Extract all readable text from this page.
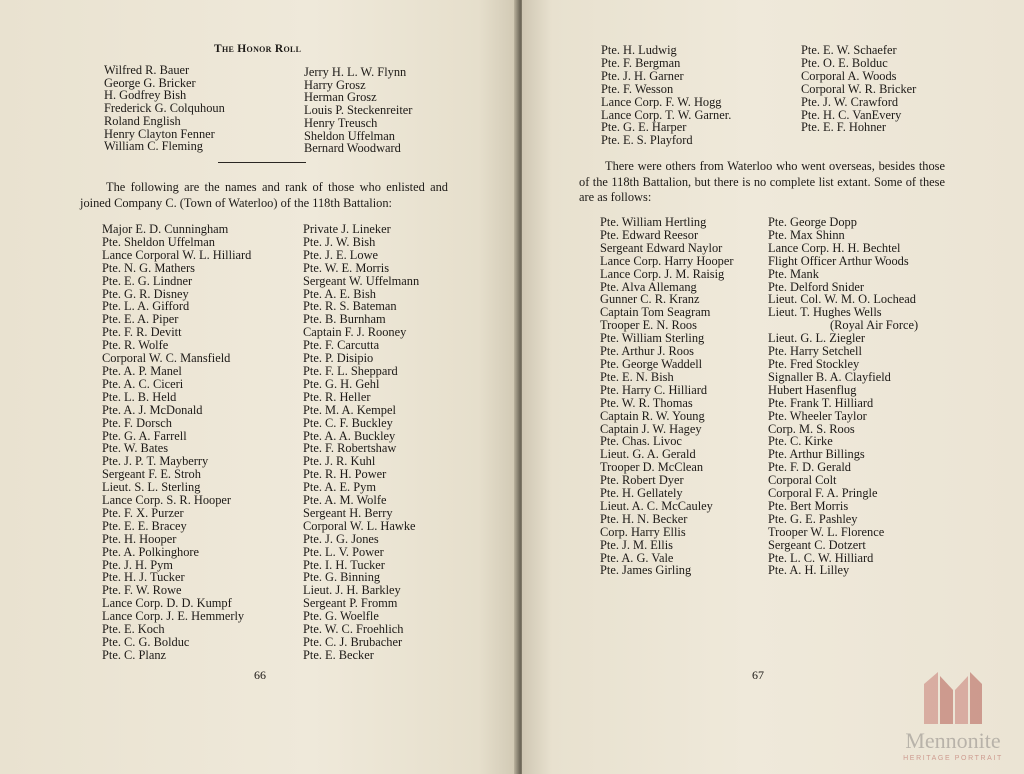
The Honor Roll
Wilfred R. Bauer
George G. Bricker
H. Godfrey Bish
Frederick G. Colquhoun
Roland English
Henry Clayton Fenner
William C. Fleming
Jerry H. L. W. Flynn
Harry Grosz
Herman Grosz
Louis P. Steckenreiter
Henry Treusch
Sheldon Uffelman
Bernard Woodward

The following are the names and rank of those who enlisted and joined Company C. (Town of Waterloo) of the 118th Battalion:

Major E. D. Cunningham
Pte. Sheldon Uffelman
Lance Corporal W. L. Hilliard
Pte. N. G. Mathers
Pte. E. G. Lindner
Pte. G. R. Disney
Pte. L. A. Gifford
Pte. E. A. Piper
Pte. F. R. Devitt
Pte. R. Wolfe
Corporal W. C. Mansfield
Pte. A. P. Manel
Pte. A. C. Ciceri
Pte. L. B. Held
Pte. A. J. McDonald
Pte. F. Dorsch
Pte. G. A. Farrell
Pte. W. Bates
Pte. J. P. T. Mayberry
Sergeant F. E. Stroh
Lieut. S. L. Sterling
Lance Corp. S. R. Hooper
Pte. F. X. Purzer
Pte. E. E. Bracey
Pte. H. Hooper
Pte. A. Polkinghore
Pte. J. H. Pym
Pte. H. J. Tucker
Pte. F. W. Rowe
Lance Corp. D. D. Kumpf
Lance Corp. J. E. Hemmerly
Pte. E. Koch
Pte. C. G. Bolduc
Pte. C. Planz
Private J. Lineker
Pte. J. W. Bish
Pte. J. E. Lowe
Pte. W. E. Morris
Sergeant W. Uffelmann
Pte. A. E. Bish
Pte. R. S. Bateman
Pte. B. Burnham
Captain F. J. Rooney
Pte. F. Carcutta
Pte. P. Disipio
Pte. F. L. Sheppard
Pte. G. H. Gehl
Pte. R. Heller
Pte. M. A. Kempel
Pte. C. F. Buckley
Pte. A. A. Buckley
Pte. F. Robertshaw
Pte. J. R. Kuhl
Pte. R. H. Power
Pte. A. E. Pym
Pte. A. M. Wolfe
Sergeant H. Berry
Corporal W. L. Hawke
Pte. J. G. Jones
Pte. L. V. Power
Pte. I. H. Tucker
Pte. G. Binning
Lieut. J. H. Barkley
Sergeant P. Fromm
Pte. G. Woelfle
Pte. W. C. Froehlich
Pte. C. J. Brubacher
Pte. E. Becker
66
Pte. H. Ludwig
Pte. F. Bergman
Pte. J. H. Garner
Pte. F. Wesson
Lance Corp. F. W. Hogg
Lance Corp. T. W. Garner.
Pte. G. E. Harper
Pte. E. S. Playford
Pte. E. W. Schaefer
Pte. O. E. Bolduc
Corporal A. Woods
Corporal W. R. Bricker
Pte. J. W. Crawford
Pte. H. C. VanEvery
Pte. E. F. Hohner

There were others from Waterloo who went overseas, besides those of the 118th Battalion, but there is no complete list extant. Some of these are as follows:

Pte. William Hertling
Pte. Edward Reesor
Sergeant Edward Naylor
Lance Corp. Harry Hooper
Lance Corp. J. M. Raisig
Pte. Alva Allemang
Gunner C. R. Kranz
Captain Tom Seagram
Trooper E. N. Roos
Pte. William Sterling
Pte. Arthur J. Roos
Pte. George Waddell
Pte. E. N. Bish
Pte. Harry C. Hilliard
Pte. W. R. Thomas
Captain R. W. Young
Captain J. W. Hagey
Pte. Chas. Livoc
Lieut. G. A. Gerald
Trooper D. McClean
Pte. Robert Dyer
Pte. H. Gellately
Lieut. A. C. McCauley
Pte. H. N. Becker
Corp. Harry Ellis
Pte. J. M. Ellis
Pte. A. G. Vale
Pte. James Girling
Pte. George Dopp
Pte. Max Shinn
Lance Corp. H. H. Bechtel
Flight Officer Arthur Woods
Pte. Mank
Pte. Delford Snider
Lieut. Col. W. M. O. Lochead
Lieut. T. Hughes Wells
(Royal Air Force)
Lieut. G. L. Ziegler
Pte. Harry Setchell
Pte. Fred Stockley
Signaller B. A. Clayfield
Hubert Hasenflug
Pte. Frank T. Hilliard
Pte. Wheeler Taylor
Corp. M. S. Roos
Pte. C. Kirke
Pte. Arthur Billings
Pte. F. D. Gerald
Corporal Colt
Corporal F. A. Pringle
Pte. Bert Morris
Pte. G. E. Pashley
Trooper W. L. Florence
Sergeant C. Dotzert
Pte. L. C. W. Hilliard
Pte. A. H. Lilley
67
Mennonite
HERITAGE PORTRAIT
